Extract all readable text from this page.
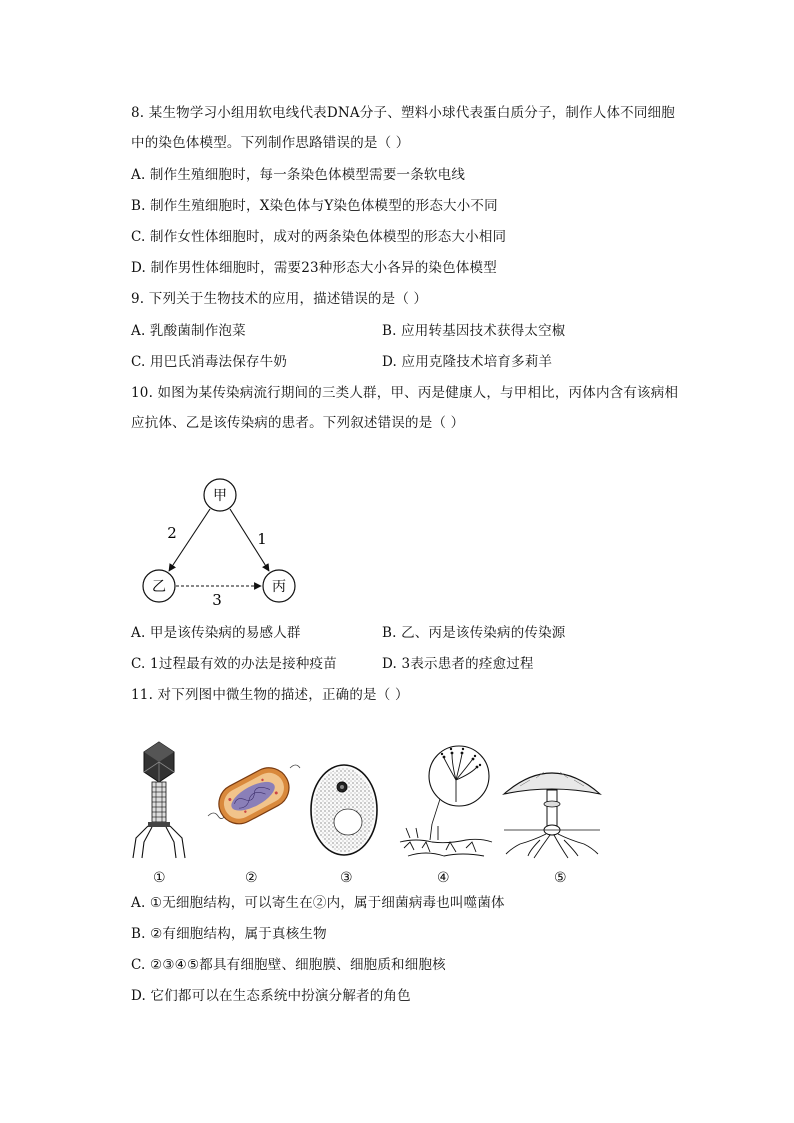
8. 某生物学习小组用软电线代表DNA分子、塑料小球代表蛋白质分子，制作人体不同细胞
中的染色体模型。下列制作思路错误的是（ ）
A. 制作生殖细胞时，每一条染色体模型需要一条软电线
B. 制作生殖细胞时，X染色体与Y染色体模型的形态大小不同
C. 制作女性体细胞时，成对的两条染色体模型的形态大小相同
D. 制作男性体细胞时，需要23种形态大小各异的染色体模型
9. 下列关于生物技术的应用，描述错误的是（ ）
A. 乳酸菌制作泡菜	B. 应用转基因技术获得太空椒
C. 用巴氏消毒法保存牛奶	D. 应用克隆技术培育多莉羊
10. 如图为某传染病流行期间的三类人群，甲、丙是健康人，与甲相比，丙体内含有该病相
应抗体、乙是该传染病的患者。下列叙述错误的是（ ）
甲
乙	丙
2	1
3
A. 甲是该传染病的易感人群	B. 乙、丙是该传染病的传染源
C. 1过程最有效的办法是接种疫苗	D. 3表示患者的痊愈过程
11. 对下列图中微生物的描述，正确的是（ ）
①	②	③	④	⑤
A. ①无细胞结构，可以寄生在②内，属于细菌病毒也叫噬菌体
B. ②有细胞结构，属于真核生物
C. ②③④⑤都具有细胞壁、细胞膜、细胞质和细胞核
D. 它们都可以在生态系统中扮演分解者的角色
